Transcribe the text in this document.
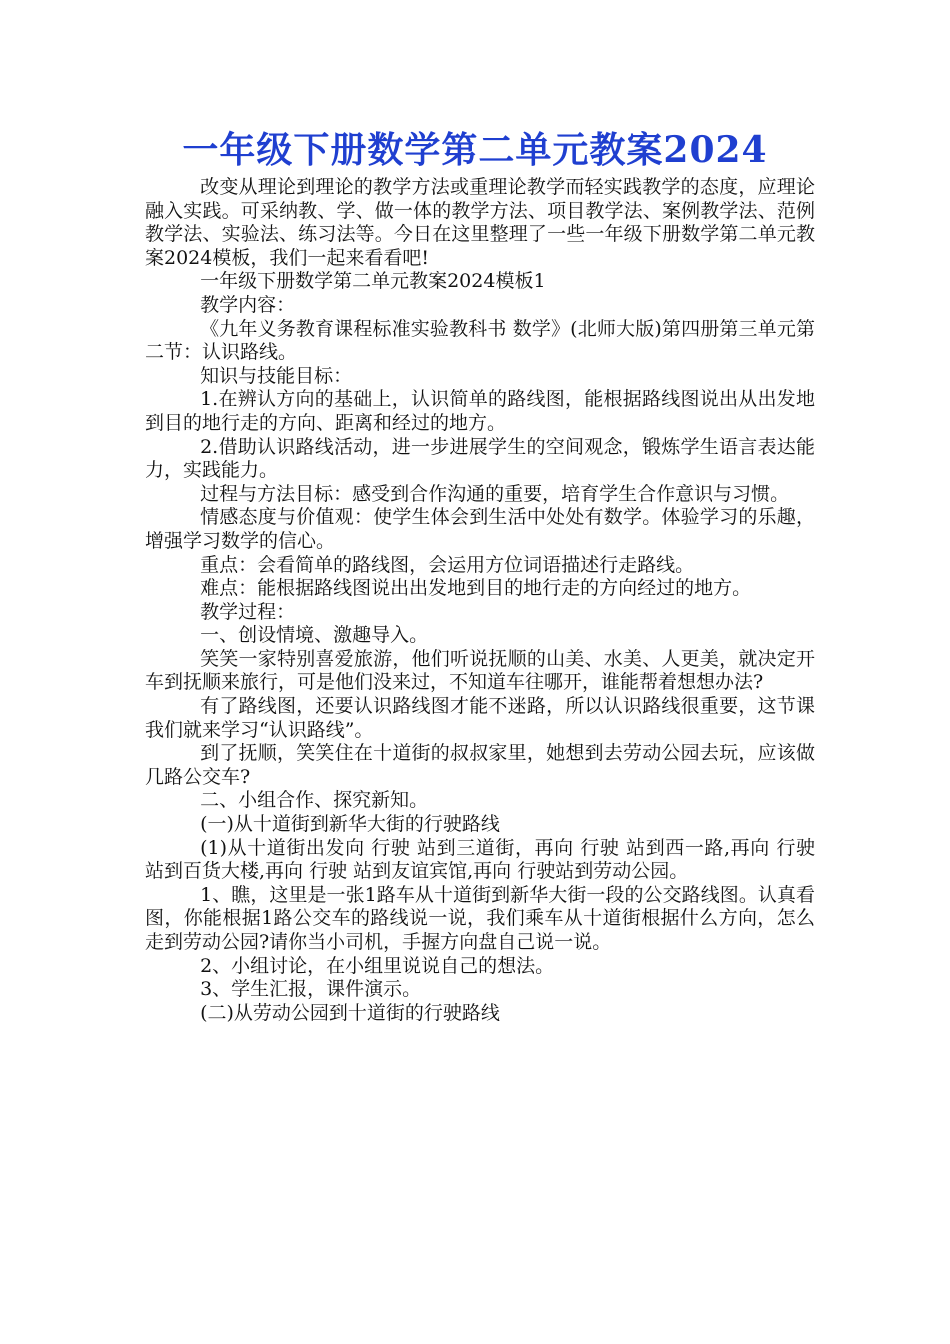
一年级下册数学第二单元教案2024

改变从理论到理论的教学方法或重理论教学而轻实践教学的态度，应理论融入实践。可采纳教、学、做一体的教学方法、项目教学法、案例教学法、范例教学法、实验法、练习法等。今日在这里整理了一些一年级下册数学第二单元教案2024模板，我们一起来看看吧!

一年级下册数学第二单元教案2024模板1

教学内容：

《九年义务教育课程标准实验教科书 数学》(北师大版)第四册第三单元第二节：认识路线。

知识与技能目标：

1.在辨认方向的基础上，认识简单的路线图，能根据路线图说出从出发地到目的地行走的方向、距离和经过的地方。

2.借助认识路线活动，进一步进展学生的空间观念，锻炼学生语言表达能力，实践能力。

过程与方法目标：感受到合作沟通的重要，培育学生合作意识与习惯。

情感态度与价值观：使学生体会到生活中处处有数学。体验学习的乐趣，增强学习数学的信心。

重点：会看简单的路线图，会运用方位词语描述行走路线。

难点：能根据路线图说出出发地到目的地行走的方向经过的地方。

教学过程：

一、创设情境、激趣导入。

笑笑一家特别喜爱旅游，他们听说抚顺的山美、水美、人更美，就决定开车到抚顺来旅行，可是他们没来过，不知道车往哪开，谁能帮着想想办法?

有了路线图，还要认识路线图才能不迷路，所以认识路线很重要，这节课我们就来学习“认识路线”。

到了抚顺，笑笑住在十道街的叔叔家里，她想到去劳动公园去玩，应该做几路公交车?

二、小组合作、探究新知。

(一)从十道街到新华大街的行驶路线

(1)从十道街出发向 行驶 站到三道街，再向 行驶 站到西一路,再向 行驶 站到百货大楼,再向 行驶 站到友谊宾馆,再向 行驶站到劳动公园。

1、瞧，这里是一张1路车从十道街到新华大街一段的公交路线图。认真看图，你能根据1路公交车的路线说一说，我们乘车从十道街根据什么方向，怎么走到劳动公园?请你当小司机，手握方向盘自己说一说。

2、小组讨论，在小组里说说自己的想法。

3、学生汇报，课件演示。

(二)从劳动公园到十道街的行驶路线
